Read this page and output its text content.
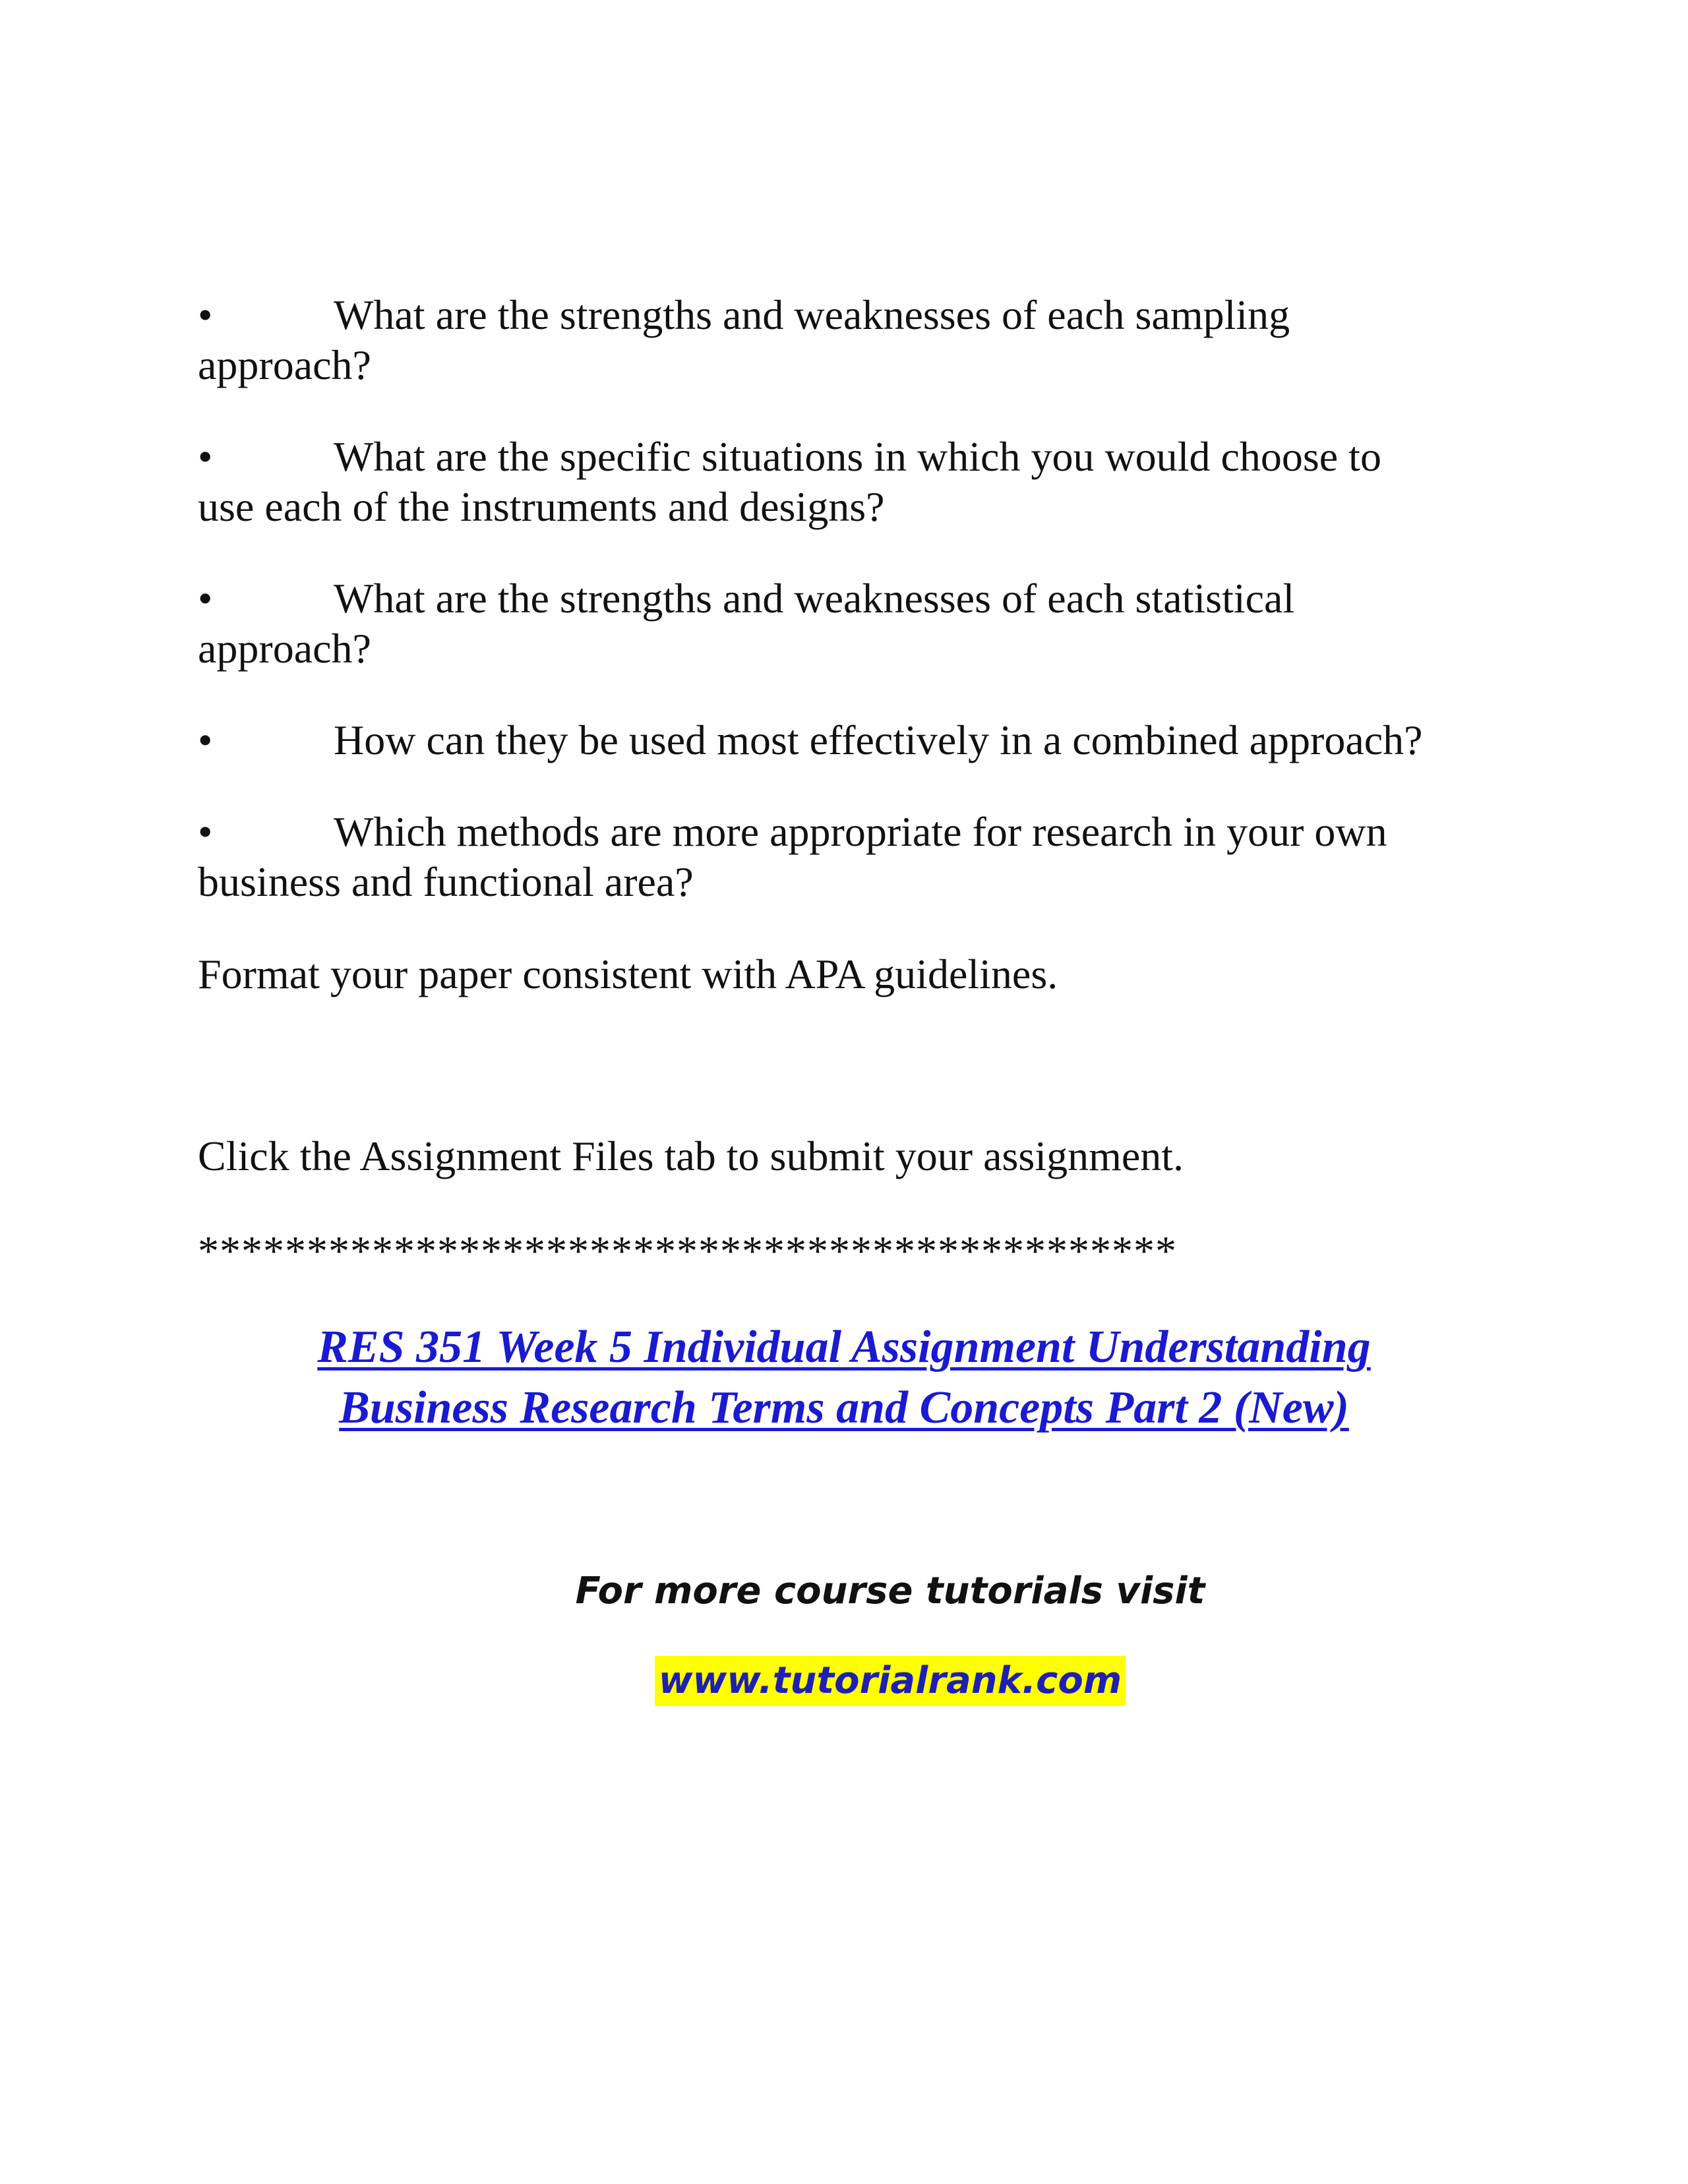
•	What are the strengths and weaknesses of each sampling
approach?
•	What are the specific situations in which you would choose to
use each of the instruments and designs?
•	What are the strengths and weaknesses of each statistical
approach?
•	How can they be used most effectively in a combined approach?
•	Which methods are more appropriate for research in your own
business and functional area?
Format your paper consistent with APA guidelines.
Click the Assignment Files tab to submit your assignment.
*********************************************
RES 351 Week 5 Individual Assignment Understanding
Business Research Terms and Concepts Part 2 (New)
For more course tutorials visit
www.tutorialrank.com
